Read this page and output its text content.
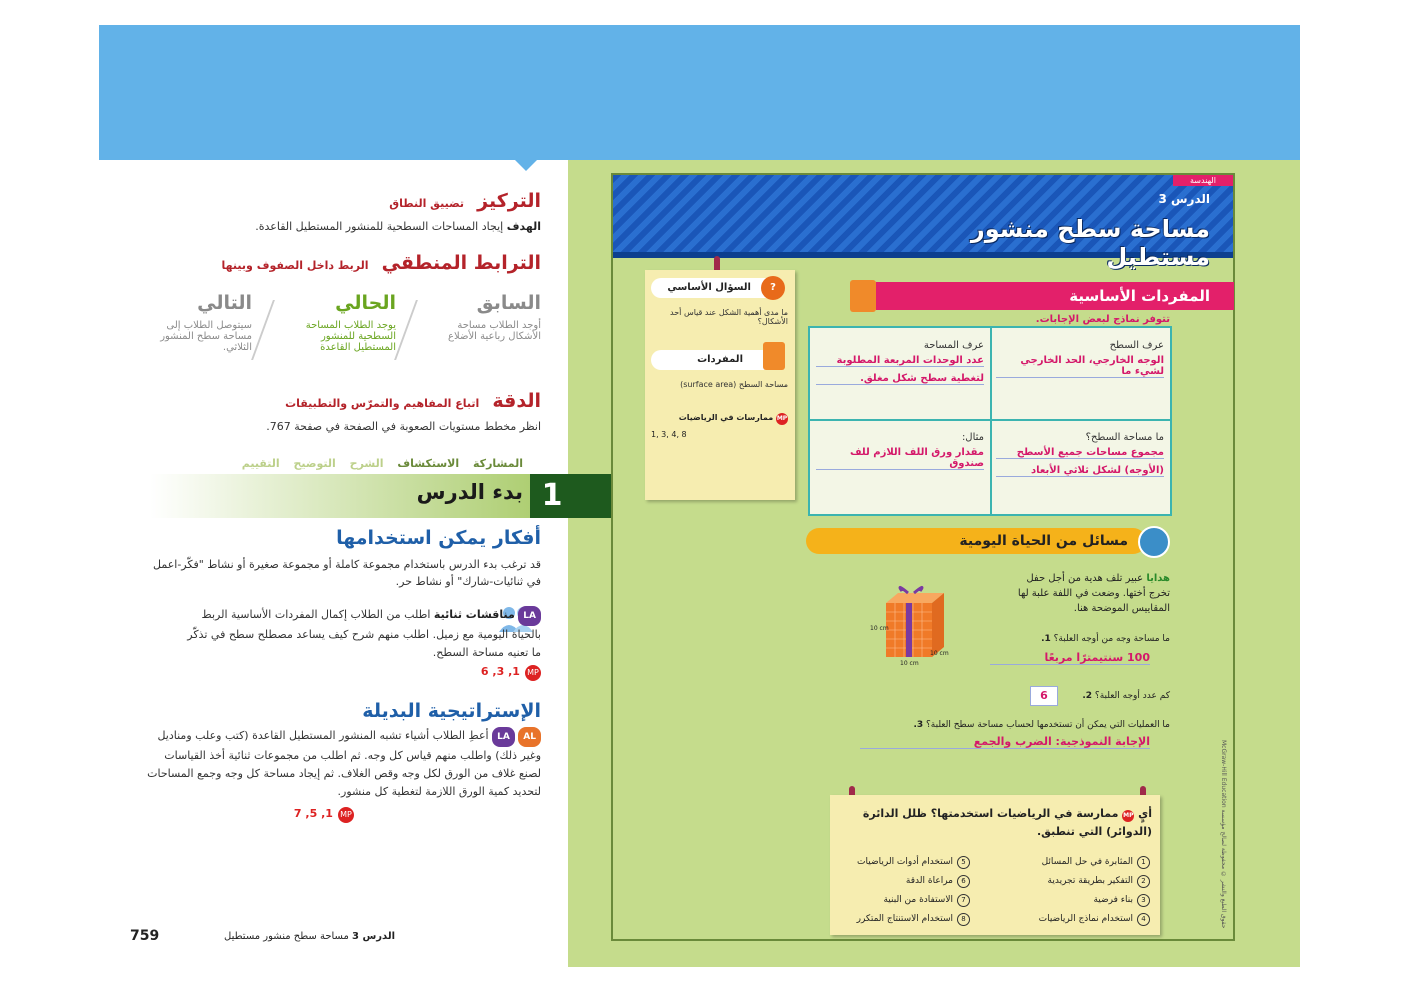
التركيز تضييق النطاق
الهدف إيجاد المساحات السطحية للمنشور المستطيل القاعدة.
الترابط المنطقي الربط داخل الصفوف وبينها
السابق
أوجد الطلاب مساحة الأشكال رباعية الأضلاع
الحالي
يوجد الطلاب المساحة السطحية للمنشور المستطيل القاعدة
التالي
سيتوصل الطلاب إلى مساحة سطح المنشور الثلاثي.
الدقة اتباع المفاهيم والتمرّس والتطبيقات
انظر مخطط مستويات الصعوبة في الصفحة في صفحة 767.
المشاركة الاستكشاف الشرح التوضيح التقييم
1
بدء الدرس
أفكار يمكن استخدامها
قد ترغب بدء الدرس باستخدام مجموعة كاملة أو مجموعة صغيرة أو نشاط "فكّر-اعمل في ثنائيات-شارك" أو نشاط حر.
LA مناقشات ثنائية اطلب من الطلاب إكمال المفردات الأساسية الربط بالحياة اليومية مع زميل. اطلب منهم شرح كيف يساعد مصطلح سطح في تذكّر ما تعنيه مساحة السطح.
MP 1, 3, 6
الإستراتيجية البديلة
AL LA أعطِ الطلاب أشياء تشبه المنشور المستطيل القاعدة (كتب وعلب ومناديل وغير ذلك) واطلب منهم قياس كل وجه. ثم اطلب من مجموعات ثنائية أخذ القياسات لصنع غلاف من الورق لكل وجه وقص الغلاف. ثم إيجاد مساحة كل وجه وجمع المساحات لتحديد كمية الورق اللازمة لتغطية كل منشور.
MP 1, 5, 7
759	الدرس 3 مساحة سطح منشور مستطيل
الهندسة
الدرس 3
مساحة سطح منشور مستطيل
?
السؤال الأساسي
ما مدى أهمية الشكل عند قياس أحد الأشكال؟
المفردات
مساحة السطح (surface area)
MP ممارسات في الرياضيات
1, 3, 4, 8
المفردات الأساسية
تتوفر نماذج لبعض الإجابات.
عرف السطح
الوجه الخارجي، الحد الخارجي لشيء ما
عرف المساحة
عدد الوحدات المربعة المطلوبة
لتغطية سطح شكل مغلق.
ما مساحة السطح؟
مجموع مساحات جميع الأسطح
(الأوجه) لشكل ثلاثي الأبعاد
مثال:
مقدار ورق اللف اللازم للف صندوق
مسائل من الحياة اليومية
هدايا عبير تلف هدية من أجل حفل تخرج أختها. وضعت في اللفة علبة لها المقاييس الموضحة هنا.
10 cm
10 cm
10 cm
ما مساحة وجه من أوجه العلبة؟ 1.
100 سنتيمترًا مربعًا
كم عدد أوجه العلبة؟ 2.
6
ما العمليات التي يمكن أن تستخدمها لحساب مساحة سطح العلبة؟ 3.
الإجابة النموذجية: الضرب والجمع
أيٍ MP ممارسة في الرياضيات استخدمتها؟ ظلل الدائرة (الدوائر) التي تنطبق.
1المثابرة في حل المسائل
2التفكير بطريقة تجريدية
3بناء فرضية
4استخدام نماذج الرياضيات
5استخدام أدوات الرياضيات
6مراعاة الدقة
7الاستفادة من البنية
8استخدام الاستنتاج المتكرر
حقوق الطبع والنشر © محفوظة لصالح مؤسسة McGraw-Hill Education
